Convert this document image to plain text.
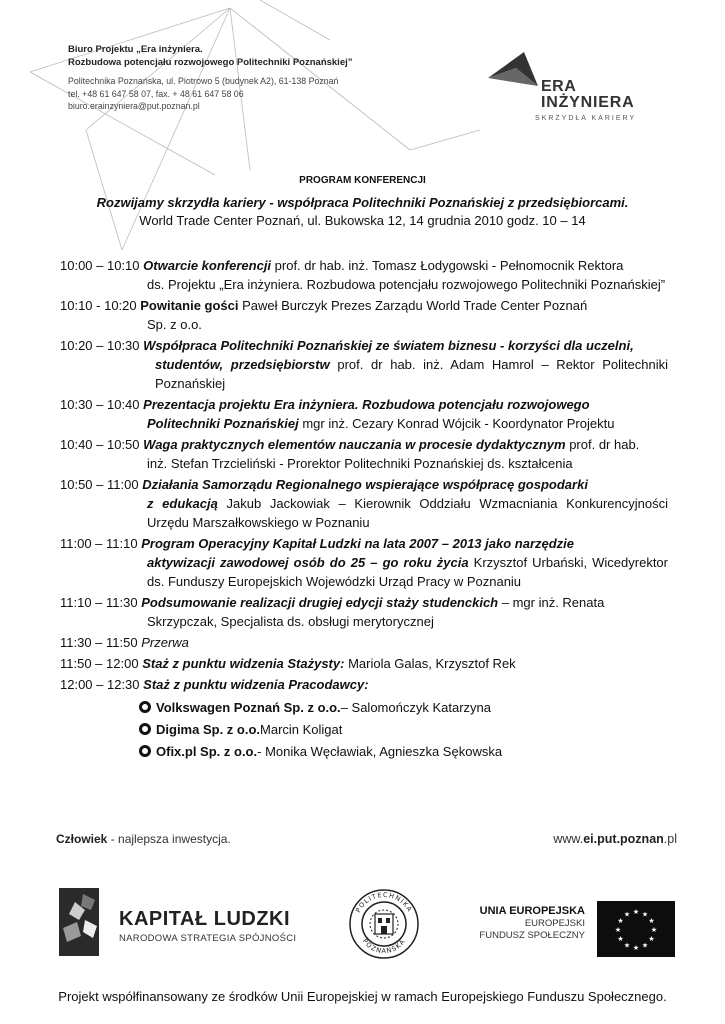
Biuro Projektu „Era inżyniera.
Rozbudowa potencjału rozwojowego Politechniki Poznańskiej”
Politechnika Poznańska, ul. Piotrowo 5 (budynek A2), 61-138 Poznań
tel. +48 61 647 58 07, fax. + 48 61 647 58 06
biuro.erainzyniera@put.poznan.pl
ERA
INŻYNIERA
SKRZYDŁA KARIERY
PROGRAM KONFERENCJI
Rozwijamy skrzydła kariery - współpraca Politechniki Poznańskiej z przedsiębiorcami.
World Trade Center Poznań, ul. Bukowska 12, 14 grudnia 2010 godz. 10 – 14
10:00 – 10:10 Otwarcie konferencji prof. dr hab. inż. Tomasz Łodygowski - Pełnomocnik Rektora
ds. Projektu „Era inżyniera. Rozbudowa potencjału rozwojowego Politechniki Poznańskiej”
10:10 - 10:20 Powitanie gości Paweł Burczyk Prezes Zarządu World Trade Center Poznań
Sp. z o.o.
10:20 – 10:30 Współpraca Politechniki Poznańskiej ze światem biznesu - korzyści dla uczelni,
studentów, przedsiębiorstw prof. dr hab. inż. Adam Hamrol – Rektor Politechniki Poznańskiej
10:30 – 10:40 Prezentacja projektu Era inżyniera. Rozbudowa potencjału rozwojowego
Politechniki Poznańskiej mgr inż. Cezary Konrad Wójcik - Koordynator Projektu
10:40 – 10:50 Waga praktycznych elementów nauczania w procesie dydaktycznym prof. dr hab.
inż. Stefan Trzcieliński - Prorektor Politechniki Poznańskiej ds. kształcenia
10:50 – 11:00 Działania Samorządu Regionalnego wspierające współpracę gospodarki
z edukacją Jakub Jackowiak – Kierownik Oddziału Wzmacniania Konkurencyjności Urzędu Marszałkowskiego w Poznaniu
11:00 – 11:10 Program Operacyjny Kapitał Ludzki na lata 2007 – 2013 jako narzędzie
aktywizacji zawodowej osób do 25 – go roku życia Krzysztof Urbański, Wicedyrektor ds. Funduszy Europejskich Wojewódzki Urząd Pracy w Poznaniu
11:10 – 11:30 Podsumowanie realizacji drugiej edycji staży studenckich – mgr inż. Renata
Skrzypczak, Specjalista ds. obsługi merytorycznej
11:30 – 11:50 Przerwa
11:50 – 12:00 Staż z punktu widzenia Stażysty: Mariola Galas, Krzysztof Rek
12:00 – 12:30 Staż z punktu widzenia Pracodawcy:
Volkswagen Poznań Sp. z o.o. – Salomończyk Katarzyna
Digima Sp. z o.o. Marcin Koligat
Ofix.pl Sp. z o.o. - Monika Węcławiak, Agnieszka Sękowska
Człowiek - najlepsza inwestycja.	www.ei.put.poznan.pl
KAPITAŁ LUDZKI
NARODOWA STRATEGIA SPÓJNOŚCI
POLITECHNIKA
POZNAŃSKA
UNIA EUROPEJSKA
EUROPEJSKI
FUNDUSZ SPOŁECZNY
★ ★
★
★
★
★
★
★
★
★
★
★
Projekt współfinansowany ze środków Unii Europejskiej w ramach Europejskiego Funduszu Społecznego.
